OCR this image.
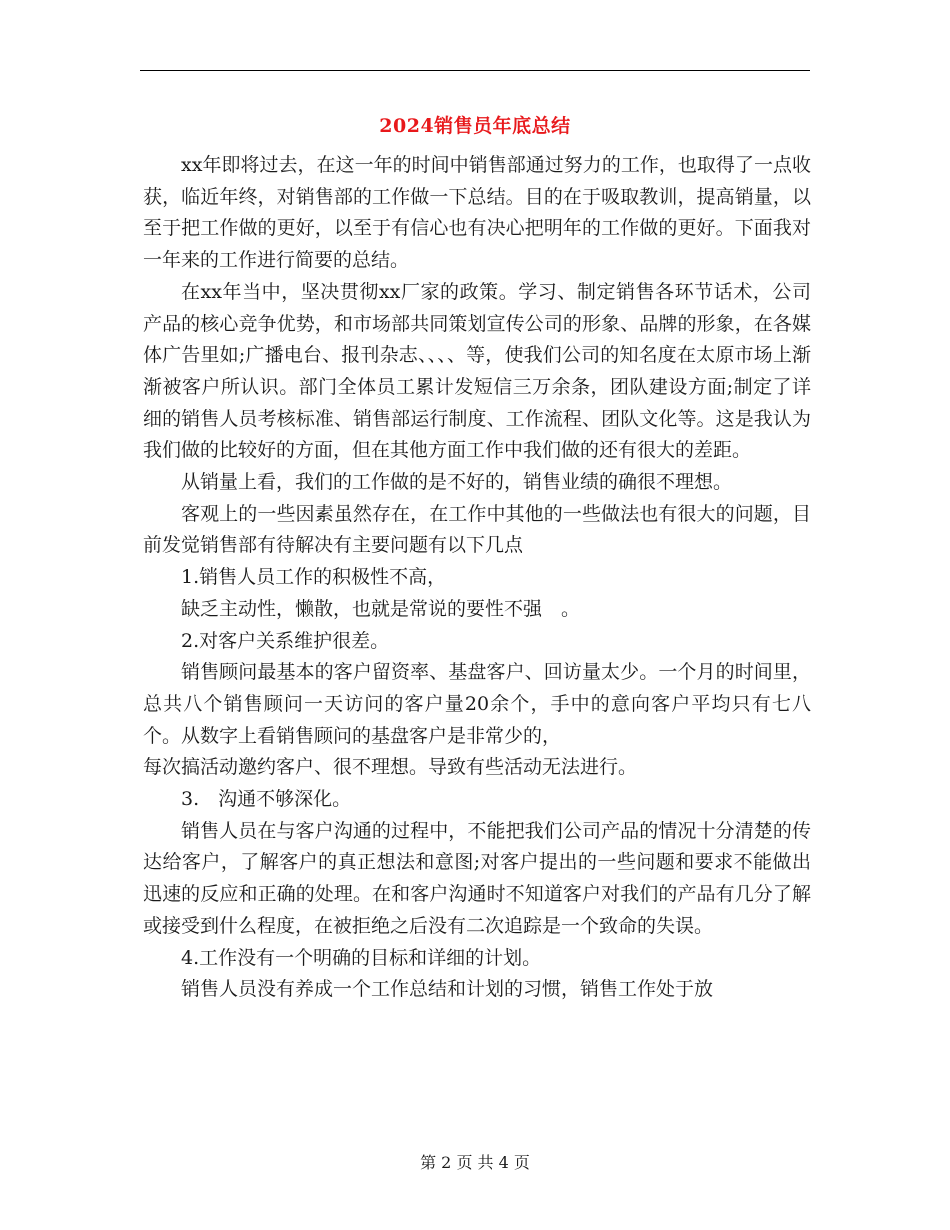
2024销售员年底总结

xx年即将过去，在这一年的时间中销售部通过努力的工作，也取得了一点收获，临近年终，对销售部的工作做一下总结。目的在于吸取教训，提高销量，以至于把工作做的更好，以至于有信心也有决心把明年的工作做的更好。下面我对一年来的工作进行简要的总结。

在xx年当中，坚决贯彻xx厂家的政策。学习、制定销售各环节话术，公司产品的核心竞争优势，和市场部共同策划宣传公司的形象、品牌的形象，在各媒体广告里如;广播电台、报刊杂志、、、、等，使我们公司的知名度在太原市场上渐渐被客户所认识。部门全体员工累计发短信三万余条，团队建设方面;制定了详细的销售人员考核标准、销售部运行制度、工作流程、团队文化等。这是我认为我们做的比较好的方面，但在其他方面工作中我们做的还有很大的差距。

从销量上看，我们的工作做的是不好的，销售业绩的确很不理想。

客观上的一些因素虽然存在，在工作中其他的一些做法也有很大的问题，目前发觉销售部有待解决有主要问题有以下几点

1.销售人员工作的积极性不高，

缺乏主动性，懒散，也就是常说的要性不强　。

2.对客户关系维护很差。

销售顾问最基本的客户留资率、基盘客户、回访量太少。一个月的时间里，总共八个销售顾问一天访问的客户量20余个，手中的意向客户平均只有七八个。从数字上看销售顾问的基盘客户是非常少的，

每次搞活动邀约客户、很不理想。导致有些活动无法进行。

3.　沟通不够深化。

销售人员在与客户沟通的过程中，不能把我们公司产品的情况十分清楚的传达给客户，了解客户的真正想法和意图;对客户提出的一些问题和要求不能做出迅速的反应和正确的处理。在和客户沟通时不知道客户对我们的产品有几分了解或接受到什么程度，在被拒绝之后没有二次追踪是一个致命的失误。

4.工作没有一个明确的目标和详细的计划。

销售人员没有养成一个工作总结和计划的习惯，销售工作处于放

第 2 页 共 4 页
